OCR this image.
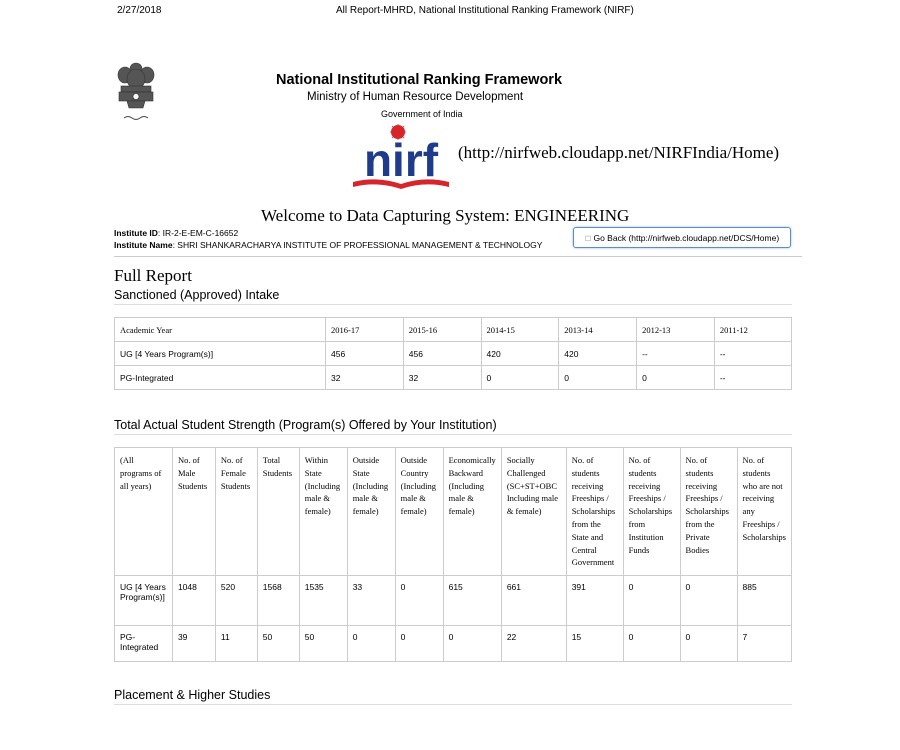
2/27/2018	All Report-MHRD, National Institutional Ranking Framework (NIRF)
National Institutional Ranking Framework
Ministry of Human Resource Development
Government of India
nirf (http://nirfweb.cloudapp.net/NIRFIndia/Home)
Welcome to Data Capturing System: ENGINEERING
Institute ID: IR-2-E-EM-C-16652
Institute Name: SHRI SHANKARACHARYA INSTITUTE OF PROFESSIONAL MANAGEMENT & TECHNOLOGY
☐ Go Back (http://nirfweb.cloudapp.net/DCS/Home)
Full Report
Sanctioned (Approved) Intake
Academic Year	2016-17	2015-16	2014-15	2013-14	2012-13	2011-12
UG [4 Years Program(s)]	456	456	420	420	--	--
PG-Integrated	32	32	0	0	0	--
Total Actual Student Strength (Program(s) Offered by Your Institution)
(All programs of all years)	No. of Male Students	No. of Female Students	Total Students	Within State (Including male & female)	Outside State (Including male & female)	Outside Country (Including male & female)	Economically Backward (Including male & female)	Socially Challenged (SC+ST+OBC Including male & female)	No. of students receiving Freeships / Scholarships from the State and Central Government	No. of students receiving Freeships / Scholarships from Institution Funds	No. of students receiving Freeships / Scholarships from the Private Bodies	No. of students who are not receiving any Freeships / Scholarships
UG [4 Years Program(s)]	1048	520	1568	1535	33	0	615	661	391	0	0	885
PG-Integrated	39	11	50	50	0	0	0	22	15	0	0	7
Placement & Higher Studies
